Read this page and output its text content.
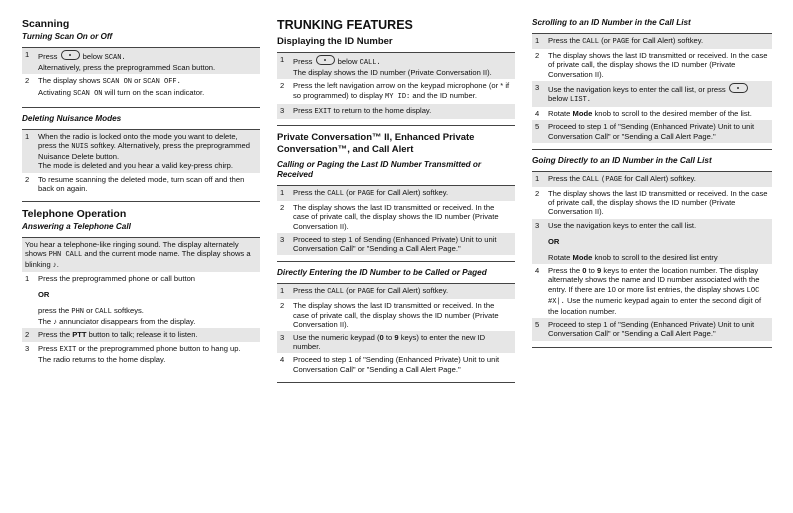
Scanning
Turning Scan On or Off
1	Press	below SCAN.
Alternatively, press the preprogrammed Scan button.
2	The display shows SCAN ON or SCAN OFF.
Activating SCAN ON will turn on the scan indicator.
Deleting Nuisance Modes
1	When the radio is locked onto the mode you want to delete, press the NUIS softkey. Alternatively, press the preprogrammed Nuisance Delete button.
The mode is deleted and you hear a valid key-press chirp.
2	To resume scanning the deleted mode, turn scan off and then back on again.
Telephone Operation
Answering a Telephone Call
You hear a telephone-like ringing sound. The display alternately shows PHN CALL and the current mode name. The display shows a blinking ♪.
1	Press the preprogrammed phone or call button
OR
press the PHN or CALL softkeys.
The ♪ annunciator disappears from the display.
2	Press the PTT button to talk; release it to listen.
3	Press EXIT or the preprogrammed phone button to hang up.
The radio returns to the home display.
TRUNKING FEATURES
Displaying the ID Number
1	Press	below CALL.
The display shows the ID number (Private Conversation II).
2	Press the left navigation arrow on the keypad microphone (or * if so programmed) to display MY ID: and the ID number.
3	Press EXIT to return to the home display.
Private Conversation™ II, Enhanced Private Conversation™, and Call Alert
Calling or Paging the Last ID Number Transmitted or Received
1	Press the CALL (or PAGE for Call Alert) softkey.
2	The display shows the last ID transmitted or received. In the case of private call, the display shows the ID number (Private Conversation II).
3	Proceed to step 1 of Sending (Enhanced Private) Unit to unit Conversation Call" or "Sending a Call Alert Page."
Directly Entering the ID Number to be Called or Paged
1	Press the CALL (or PAGE for Call Alert) softkey.
2	The display shows the last ID transmitted or received. In the case of private call, the display shows the ID number (Private Conversation II).
3	Use the numeric keypad (0 to 9 keys) to enter the new ID number.
4	Proceed to step 1 of "Sending (Enhanced Private) Unit to unit Conversation Call" or "Sending a Call Alert Page."
Scrolling to an ID Number in the Call List
1	Press the CALL (or PAGE for Call Alert) softkey.
2	The display shows the last ID transmitted or received. In the case of private call, the display shows the ID number (Private Conversation II).
3	Use the navigation keys to enter the call list, or press  below LIST.
4	Rotate Mode knob to scroll to the desired member of the list.
5	Proceed to step 1 of "Sending (Enhanced Private) Unit to unit Conversation Call" or "Sending a Call Alert Page."
Going Directly to an ID Number in the Call List
1	Press the CALL (PAGE for Call Alert) softkey.
2	The display shows the last ID transmitted or received. In the case of private call, the display shows the ID number (Private Conversation II).
3	Use the navigation keys to enter the call list.
OR
Rotate Mode knob to scroll to the desired list entry
4	Press the 0 to 9 keys to enter the location number. The display alternately shows the name and ID number associated with the entry. If there are 10 or more list entries, the display shows LOC #X|. Use the numeric keypad again to enter the second digit of the location number.
5	Proceed to step 1 of "Sending (Enhanced Private) Unit to unit Conversation Call" or "Sending a Call Alert Page."
